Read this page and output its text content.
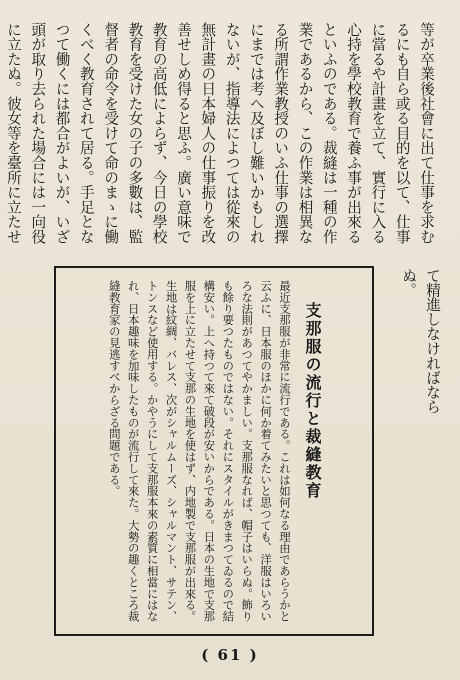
等が卒業後社會に出て仕事を求むるにも自ら或る目的を以て、仕事に當るや計畫を立て、實行に入る心持を學校教育で養ふ事が出來るといふのである。裁縫は一種の作業であるから、この作業は相異なる所謂作業教授のいふ仕事の選擇にまでは考へ及ぼし難いかもしれないが、指導法によつては從來の無計畫の日本婦人の仕事振りを改善せしめ得ると思ふ。廣い意味で教育の高低によらず、今日の學校教育を受けた女の子の多數は、監督者の命令を受けて命のまゝに働くべく教育されて居る。手足となつて働くには都合がよいが、いざ頭が取り去られた場合には一向役に立たぬ。彼女等を臺所に立たせ

て精進しなければならぬ。

支那服の流行と裁縫教育

最近支那服が非常に流行である。これは如何なる理由であらうかと云ふに、日本服のほかに何か着てみたいと思つても、洋服はいろいろな法則があつてやかましい。支那服なれば、帽子はいらぬ。飾りも餘り要つたものではない。それにスタイルがきまつてゐるので結構安い。上へ持つて來て破段が安いからである。日本の生地で支那服を上に立たせて支那の生地を使はず、内地製で支那服が出來る。生地は紋綢、バレス、次がシャルムーズ、シャルマント、サテン、トンスなど使用する。かやうにして支那服本來の素質に相當にはなれ、日本趣味を加味したものが流行して來た。大勢の趣くところ裁縫教育家の見逃すべからざる問題である。

( 61 )
